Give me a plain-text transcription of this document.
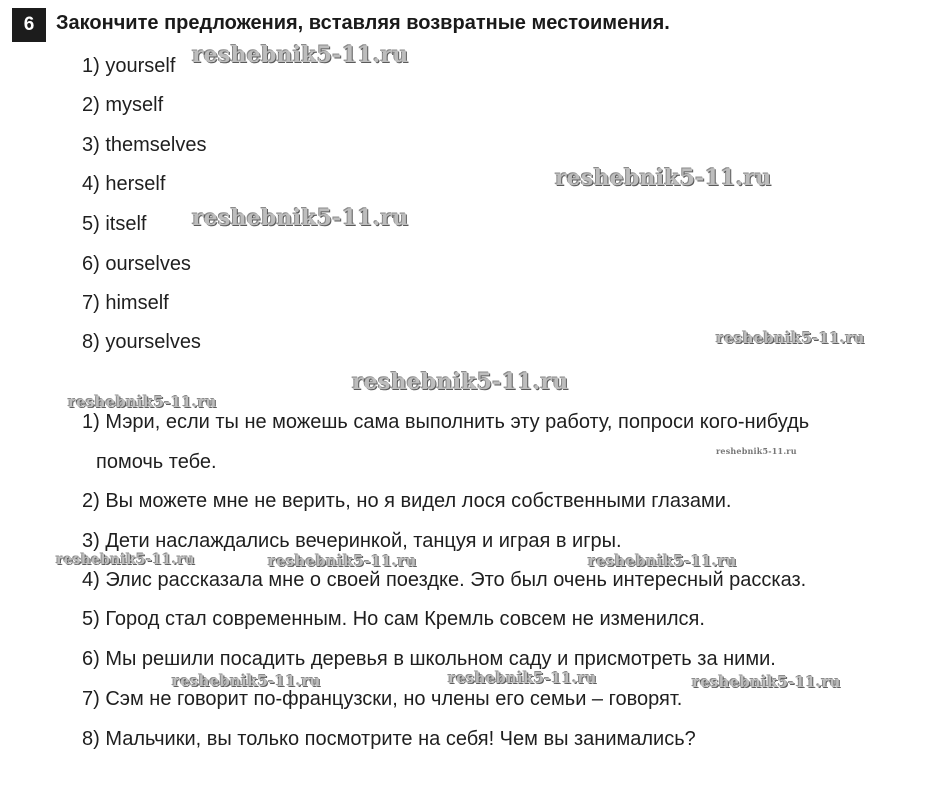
6	Закончите предложения, вставляя возвратные местоимения.
1) yourself
2) myself
3) themselves
4) herself
5) itself
6) ourselves
7) himself
8) yourselves
1) Мэри, если ты не можешь сама выполнить эту работу, попроси кого-нибудь
помочь тебе.
2) Вы можете мне не верить, но я видел лося собственными глазами.
3) Дети наслаждались вечеринкой, танцуя и играя в игры.
4) Элис рассказала мне о своей поездке. Это был очень интересный рассказ.
5) Город стал современным. Но сам Кремль совсем не изменился.
6) Мы решили посадить деревья в школьном саду и присмотреть за ними.
7) Сэм не говорит по-французски, но члены его семьи – говорят.
8) Мальчики, вы только посмотрите на себя! Чем вы занимались?
reshebnik5-11.ru
reshebnik5-11.ru
reshebnik5-11.ru
reshebnik5-11.ru
reshebnik5-11.ru
reshebnik5-11.ru
reshebnik5-11.ru
reshebnik5-11.ru	reshebnik5-11.ru	reshebnik5-11.ru
reshebnik5-11.ru	reshebnik5-11.ru	reshebnik5-11.ru
